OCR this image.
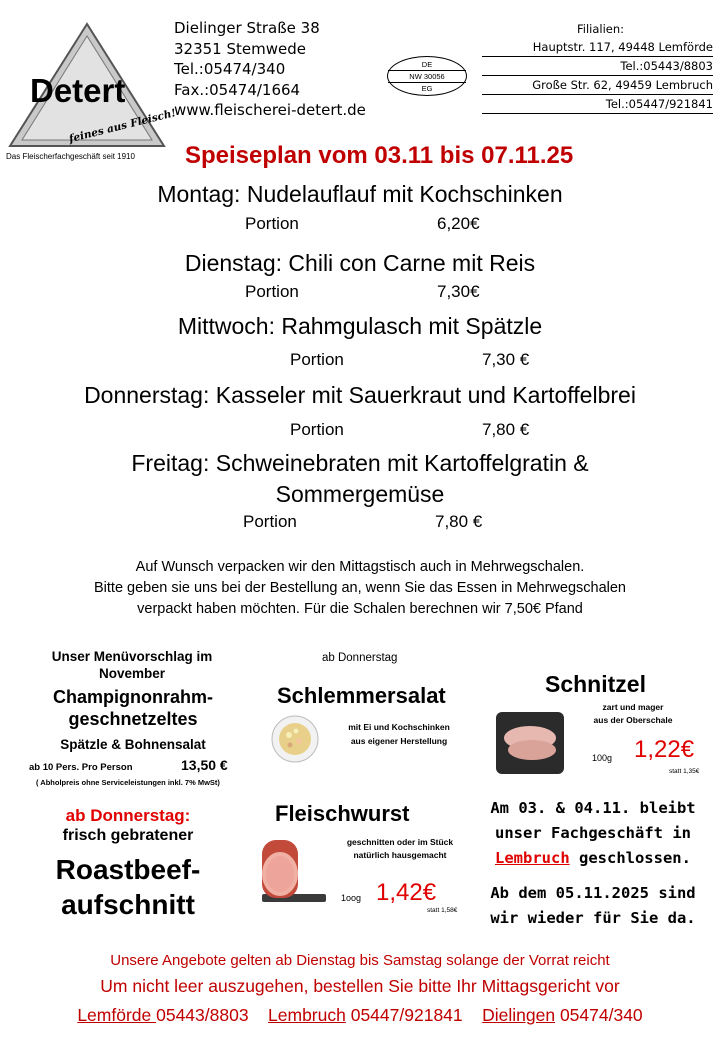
Detert
feines aus Fleisch!
Das Fleischerfachgeschäft seit 1910
Dielinger Straße 38
32351 Stemwede
Tel.:05474/340
Fax.:05474/1664
www.fleischerei-detert.de
DE
NW 30056
EG
Filialien:
Hauptstr. 117, 49448 Lemförde
Tel.:05443/8803
Große Str. 62, 49459 Lembruch
Tel.:05447/921841
Speiseplan vom 03.11 bis 07.11.25
Montag: Nudelauflauf mit Kochschinken
Portion	6,20€
Dienstag: Chili con Carne mit Reis
Portion	7,30€
Mittwoch: Rahmgulasch mit Spätzle
Portion	7,30 €
Donnerstag: Kasseler mit Sauerkraut und Kartoffelbrei
Portion	7,80 €
Freitag: Schweinebraten mit Kartoffelgratin &
Sommergemüse
Portion	7,80 €
Auf Wunsch verpacken wir den Mittagstisch auch in Mehrwegschalen.
Bitte geben sie uns bei der Bestellung an, wenn Sie das Essen in Mehrwegschalen
verpackt haben möchten. Für die Schalen berechnen wir 7,50€ Pfand
Unser Menüvorschlag im
November
Champignonrahm-
geschnetzeltes
Spätzle & Bohnensalat
ab 10 Pers. Pro Person	13,50 €
( Abholpreis ohne Serviceleistungen inkl. 7% MwSt)
ab Donnerstag
Schlemmersalat
mit Ei und Kochschinken
aus eigener Herstellung
Schnitzel
zart und mager
aus der Oberschale
100g 1,22€
statt 1,35€
ab Donnerstag:
frisch gebratener
Roastbeef-
aufschnitt
Fleischwurst
geschnitten oder im Stück
natürlich hausgemacht
1oog 1,42€
statt 1,58€
Am 03. & 04.11. bleibt
unser Fachgeschäft in
Lembruch geschlossen.
Ab dem 05.11.2025 sind
wir wieder für Sie da.
Unsere Angebote gelten ab Dienstag bis Samstag solange der Vorrat reicht
Um nicht leer auszugehen, bestellen Sie bitte Ihr Mittagsgericht vor
Lemförde 05443/8803 Lembruch 05447/921841 Dielingen 05474/340
